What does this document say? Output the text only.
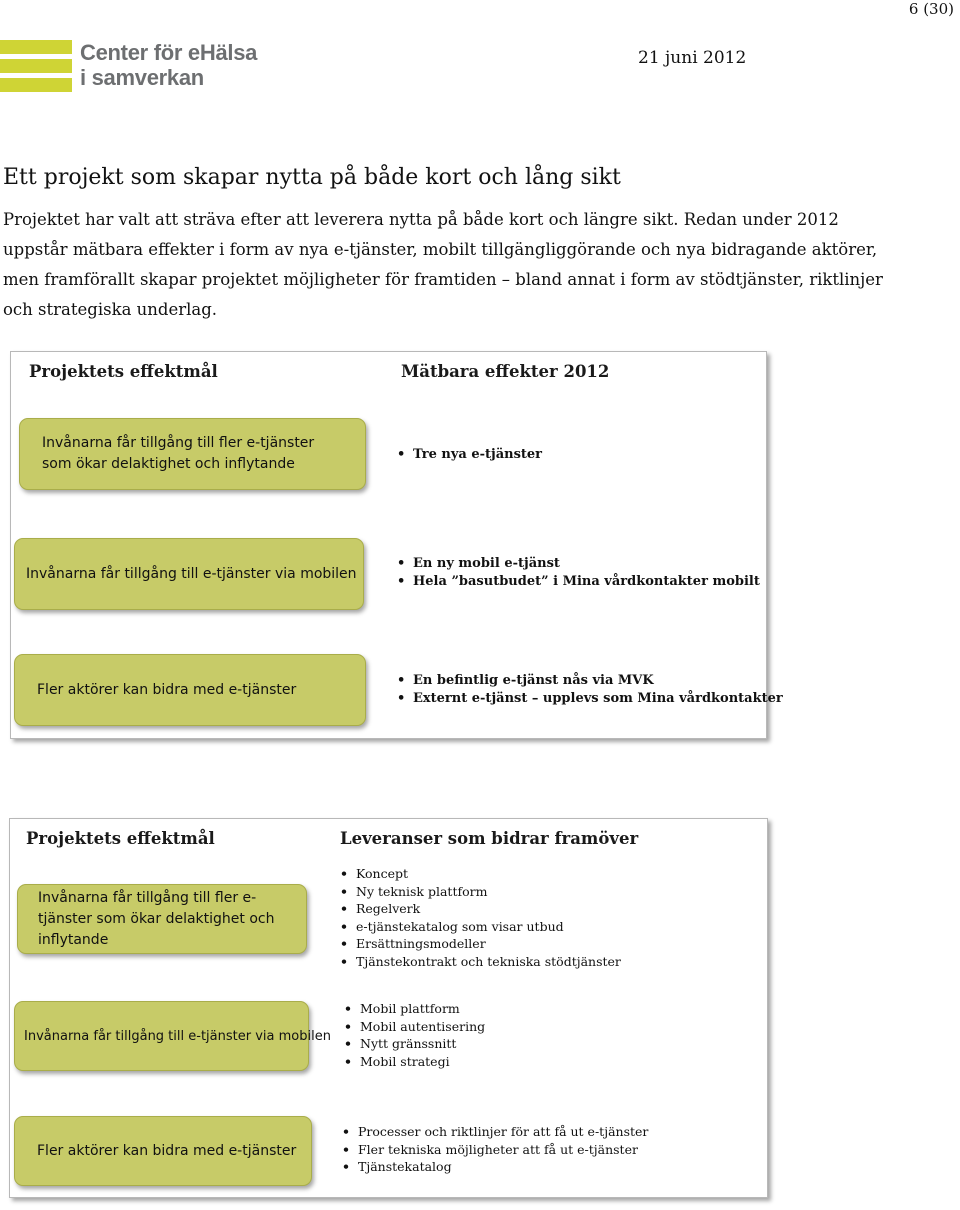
6 (30)
Center för eHälsa
i samverkan
21 juni 2012
Ett projekt som skapar nytta på både kort och lång sikt
Projektet har valt att sträva efter att leverera nytta på både kort och längre sikt. Redan under 2012 uppstår mätbara effekter i form av nya e-tjänster, mobilt tillgängliggörande och nya bidragande aktörer, men framförallt skapar projektet möjligheter för framtiden – bland annat i form av stödtjänster, riktlinjer och strategiska underlag.
Projektets effektmål	Mätbara effekter 2012
Invånarna får tillgång till fler e-tjänster som ökar delaktighet och inflytande
Invånarna får tillgång till e-tjänster via mobilen
Fler aktörer kan bidra med e-tjänster
• Tre nya e-tjänster
• En ny mobil e-tjänst
• Hela ”basutbudet” i Mina vårdkontakter mobilt
• En befintlig e-tjänst nås via MVK
• Externt e-tjänst – upplevs som Mina vårdkontakter
Projektets effektmål	Leveranser som bidrar framöver
Invånarna får tillgång till fler e-tjänster som ökar delaktighet och inflytande
Invånarna får tillgång till e-tjänster via mobilen
Fler aktörer kan bidra med e-tjänster
• Koncept
• Ny teknisk plattform
• Regelverk
• e-tjänstekatalog som visar utbud
• Ersättningsmodeller
• Tjänstekontrakt och tekniska stödtjänster
• Mobil plattform
• Mobil autentisering
• Nytt gränssnitt
• Mobil strategi
• Processer och riktlinjer för att få ut e-tjänster
• Fler tekniska möjligheter att få ut e-tjänster
• Tjänstekatalog
